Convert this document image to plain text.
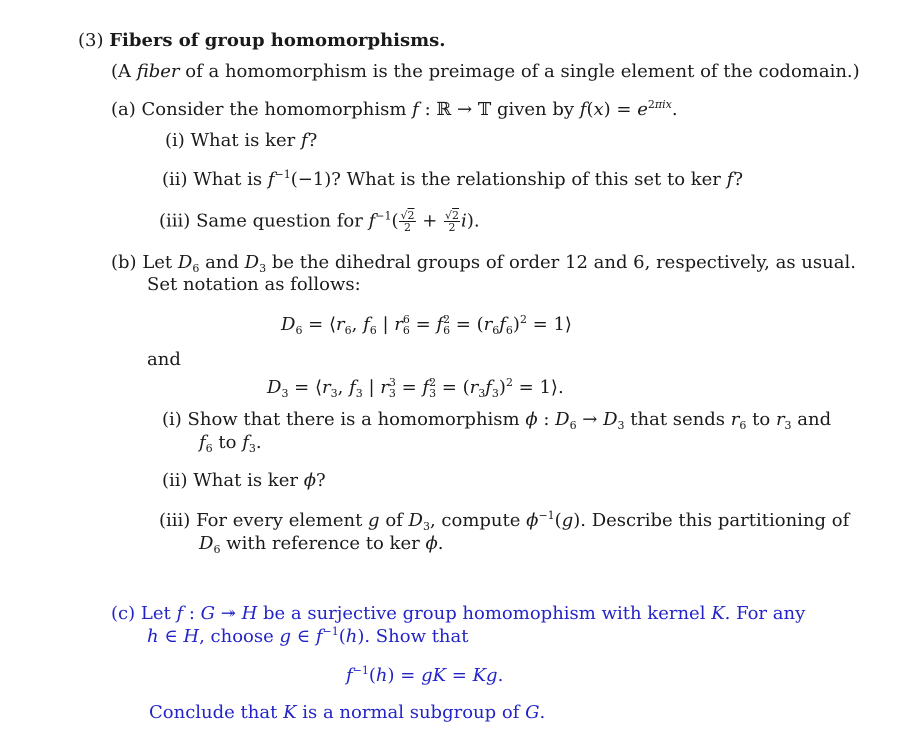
(3) Fibers of group homomorphisms.
(A fiber of a homomorphism is the preimage of a single element of the codomain.)
(a) Consider the homomorphism f : ℝ → 𝕋 given by $f(x) = e^{2\pi ix}$.
(i) What is ker f?
(ii) What is $f^{-1}(-1)$? What is the relationship of this set to ker f?
(iii) Same question for $f^{-1}( \frac{√2}{2} + \frac{√2}{2} i)$.
(b) Let $D_6$ and $D_3$ be the dihedral groups of order 12 and 6, respectively, as usual.
Set notation as follows:
$D_6$ = $⟨r_6$, $f_6$ | $r^6_6 = f^2_6 = (r_6f_6)^2$ = 1⟩
and
$D_3$ = $⟨r_3$, $f_3$ | $r^3_3 = f^2_3 = (r_3f_3)^2$ = 1⟩.
(i) Show that there is a homomorphism ϕ : $D_6 \to D_3$ that sends $r_6$ to $r_3$ and
$f_6$ to $f_3$.
(ii) What is ker ϕ?
(iii) For every element g of $D_3$, compute $\phi^{-1}(g)$. Describe this partitioning of
$D_6$ with reference to ker ϕ.
(c) Let f : G ↠ H be a surjective group homomophism with kernel K. For any
h ∈ H, choose g ∈ $f^{-1}(h)$. Show that
$f^{-1}(h)$ = gK = Kg.
Conclude that K is a normal subgroup of G.
